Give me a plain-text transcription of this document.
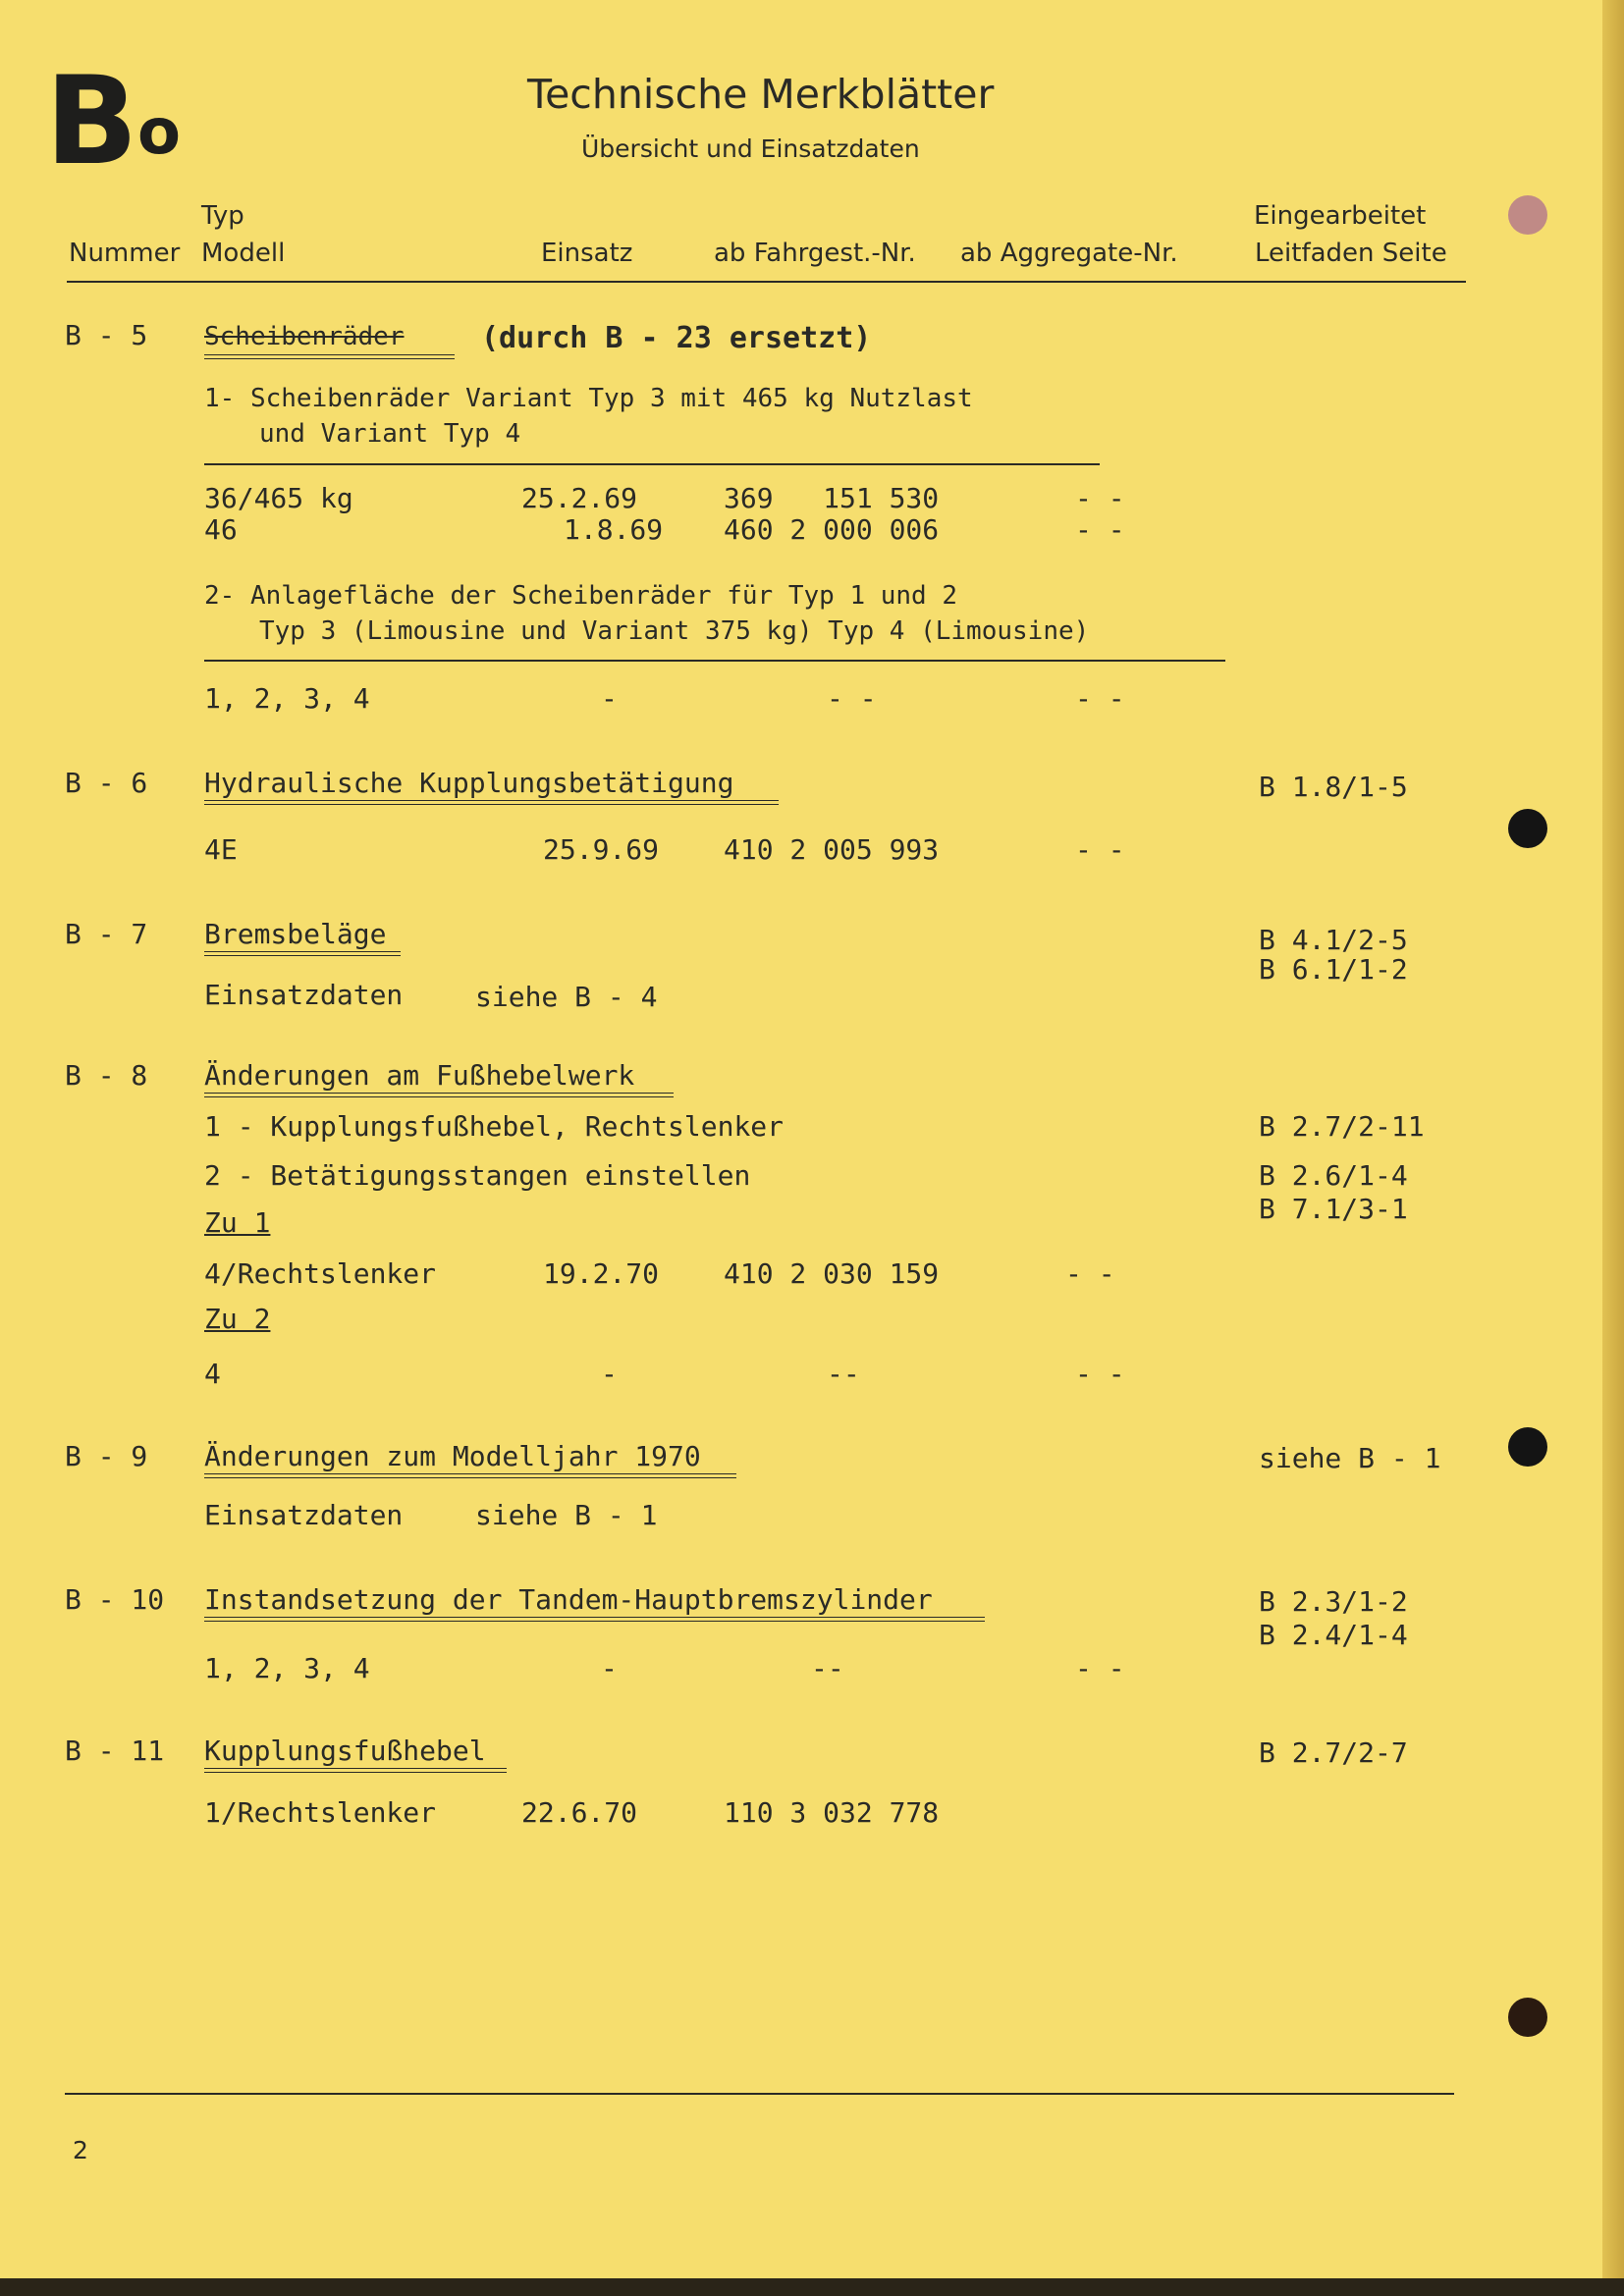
B o
Technische Merkblätter
Übersicht und Einsatzdaten
Typ	Eingearbeitet
Nummer Modell	Einsatz	ab Fahrgest.-Nr. ab Aggregate-Nr.	Leitfaden Seite
B - 5 Scheibenräder	(durch B - 23 ersetzt)
1- Scheibenräder Variant Typ 3 mit 465 kg Nutzlast
und Variant Typ 4
36/465 kg	25.2.69	369   151 530	- -
46	1.8.69 460 2 000 006	- -
2- Anlagefläche der Scheibenräder für Typ 1 und 2
Typ 3 (Limousine und Variant 375 kg) Typ 4 (Limousine)
1, 2, 3, 4	-	- -	- -
B - 6 Hydraulische Kupplungsbetätigung	B 1.8/1-5
4E	25.9.69 410 2 005 993	- -
B - 7 Bremsbeläge	B 4.1/2-5
B 6.1/1-2
Einsatzdaten	siehe B - 4
B - 8 Änderungen am Fußhebelwerk
1 - Kupplungsfußhebel, Rechtslenker	B 2.7/2-11
2 - Betätigungsstangen einstellen	B 2.6/1-4
B 7.1/3-1
Zu 1
4/Rechtslenker	19.2.70 410 2 030 159	- -
Zu 2
4	-	--	- -
B - 9 Änderungen zum Modelljahr 1970	siehe B - 1
Einsatzdaten	siehe B - 1
B - 10 Instandsetzung der Tandem-Hauptbremszylinder	B 2.3/1-2
B 2.4/1-4
1, 2, 3, 4	-	--	- -
B - 11 Kupplungsfußhebel	B 2.7/2-7
1/Rechtslenker	22.6.70	110 3 032 778
2
